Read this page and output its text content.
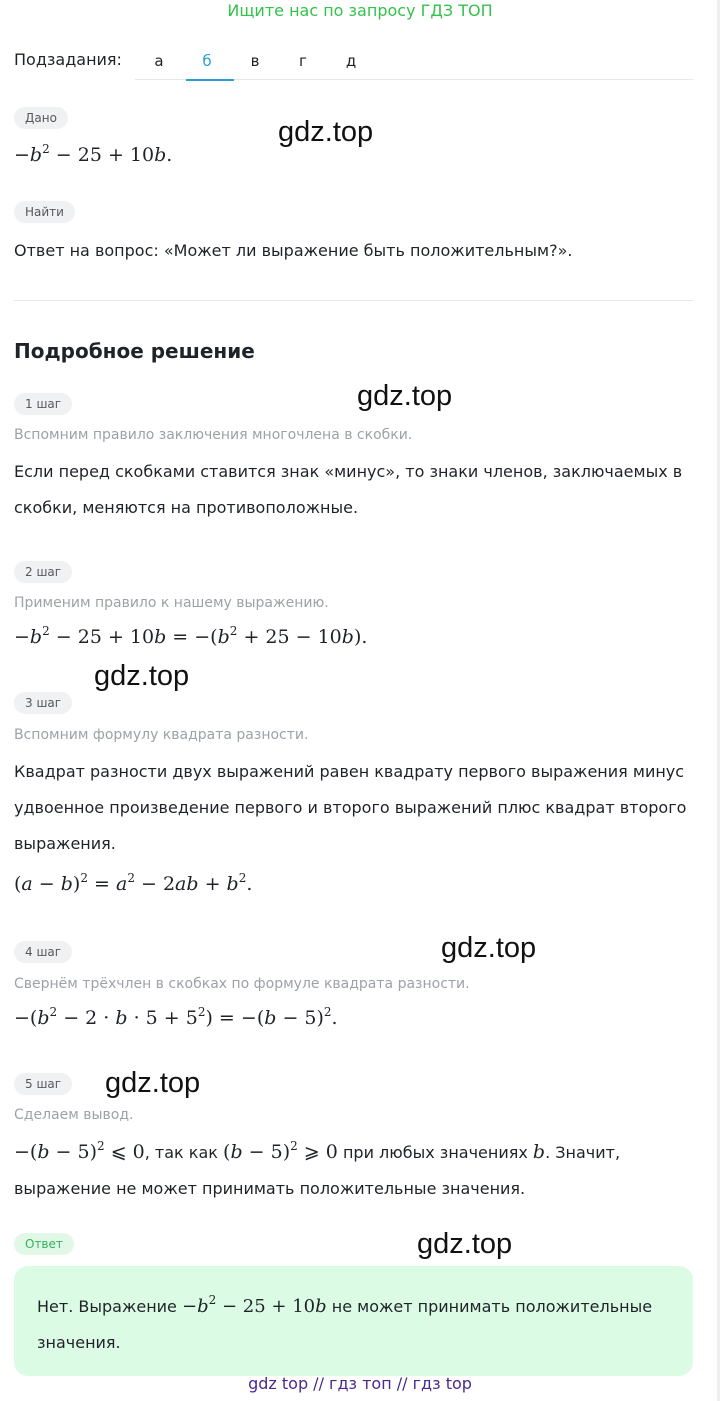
Ищите нас по запросу ГДЗ ТОП
Подзадания:	а	б	в	г	д
Дано
$-b^2 - 25 + 10b$.
gdz.top
Найти
Ответ на вопрос: «Может ли выражение быть положительным?».
Подробное решение
1 шаг	gdz.top
Вспомним правило заключения многочлена в скобки.
Если перед скобками ставится знак «минус», то знаки членов, заключаемых в скобки, меняются на противоположные.
2 шаг
Применим правило к нашему выражению.
$-b^2 - 25 + 10b = -(b^2 + 25 - 10b)$.
gdz.top
3 шаг
Вспомним формулу квадрата разности.
Квадрат разности двух выражений равен квадрату первого выражения минус удвоенное произведение первого и второго выражений плюс квадрат второго выражения.
$(a - b)^2 = a^2 - 2ab + b^2$.
4 шаг	gdz.top
Свернём трёхчлен в скобках по формуле квадрата разности.
$-(b^2 - 2 \cdot b \cdot 5 + 5^2) = -(b - 5)^2$.
5 шаг	gdz.top
Сделаем вывод.
$-(b - 5)^2$ ⩽ 0, так как $(b - 5)^2$ ⩾ 0 при любых значениях b. Значит,
выражение не может принимать положительные значения.
Ответ	gdz.top
Нет. Выражение $-b^2 - 25 + 10b$ не может принимать положительные значения.
gdz top // гдз топ // гдз top
